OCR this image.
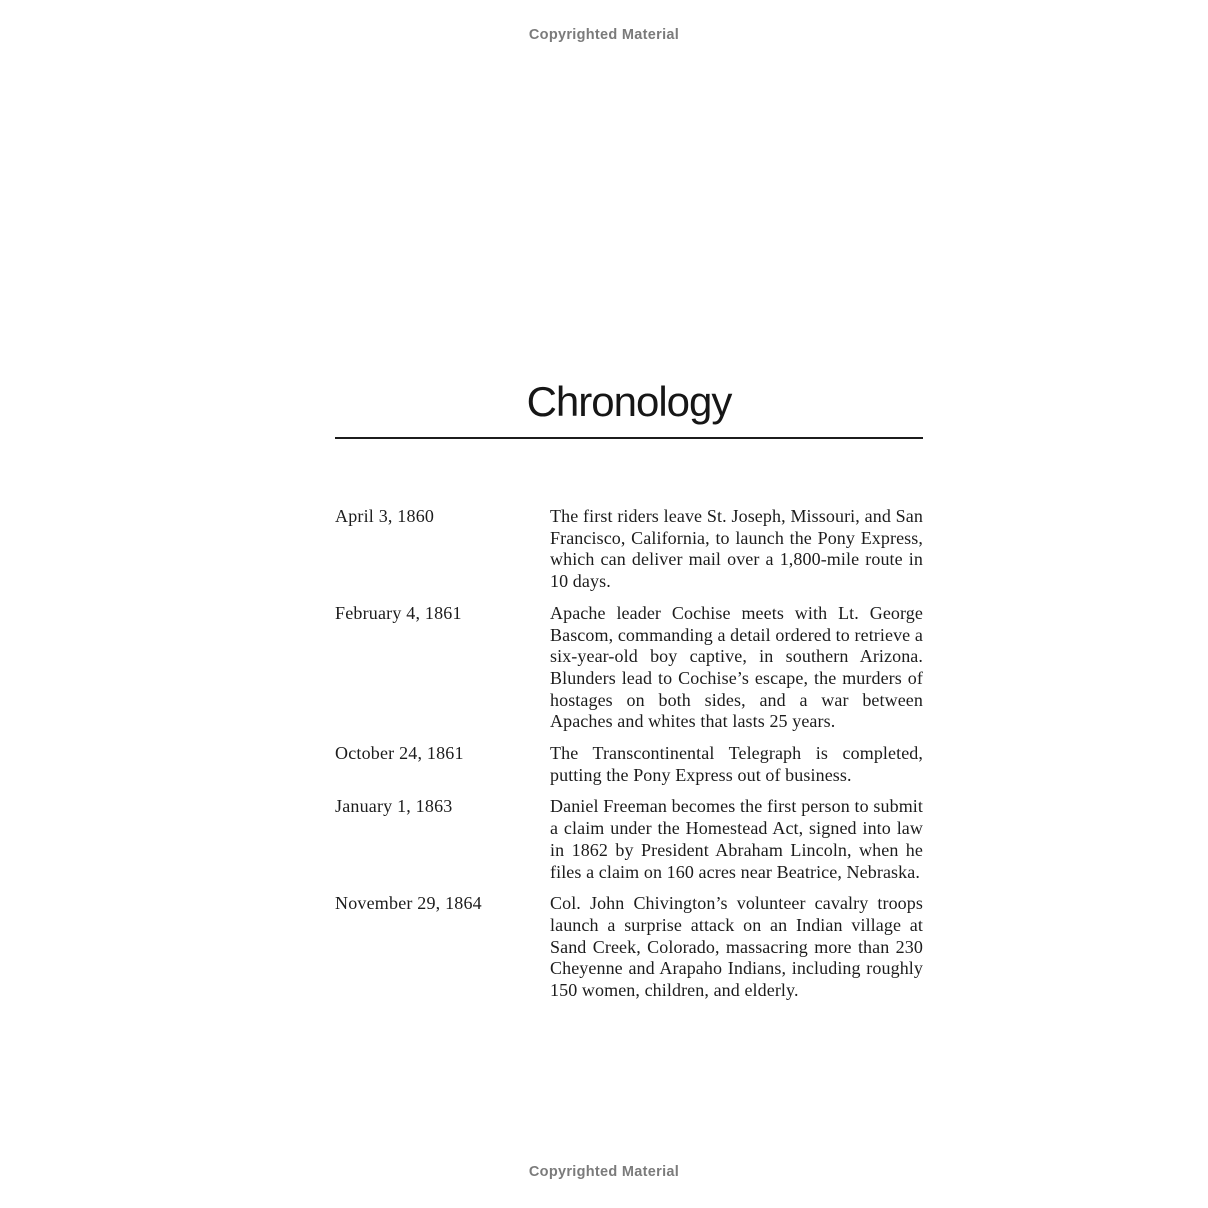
Copyrighted Material
Chronology
April 3, 1860	The first riders leave St. Joseph, Missouri, and San Francisco, California, to launch the Pony Express, which can deliver mail over a 1,800-mile route in 10 days.
February 4, 1861	Apache leader Cochise meets with Lt. George Bascom, commanding a detail ordered to retrieve a six-year-old boy captive, in southern Arizona. Blunders lead to Cochise’s escape, the murders of hostages on both sides, and a war between Apaches and whites that lasts 25 years.
October 24, 1861	The Transcontinental Telegraph is completed, putting the Pony Express out of business.
January 1, 1863	Daniel Freeman becomes the first person to submit a claim under the Homestead Act, signed into law in 1862 by President Abraham Lincoln, when he files a claim on 160 acres near Beatrice, Nebraska.
November 29, 1864	Col. John Chivington’s volunteer cavalry troops launch a surprise attack on an Indian village at Sand Creek, Colorado, massacring more than 230 Cheyenne and Arapaho Indians, including roughly 150 women, children, and elderly.
Copyrighted Material
